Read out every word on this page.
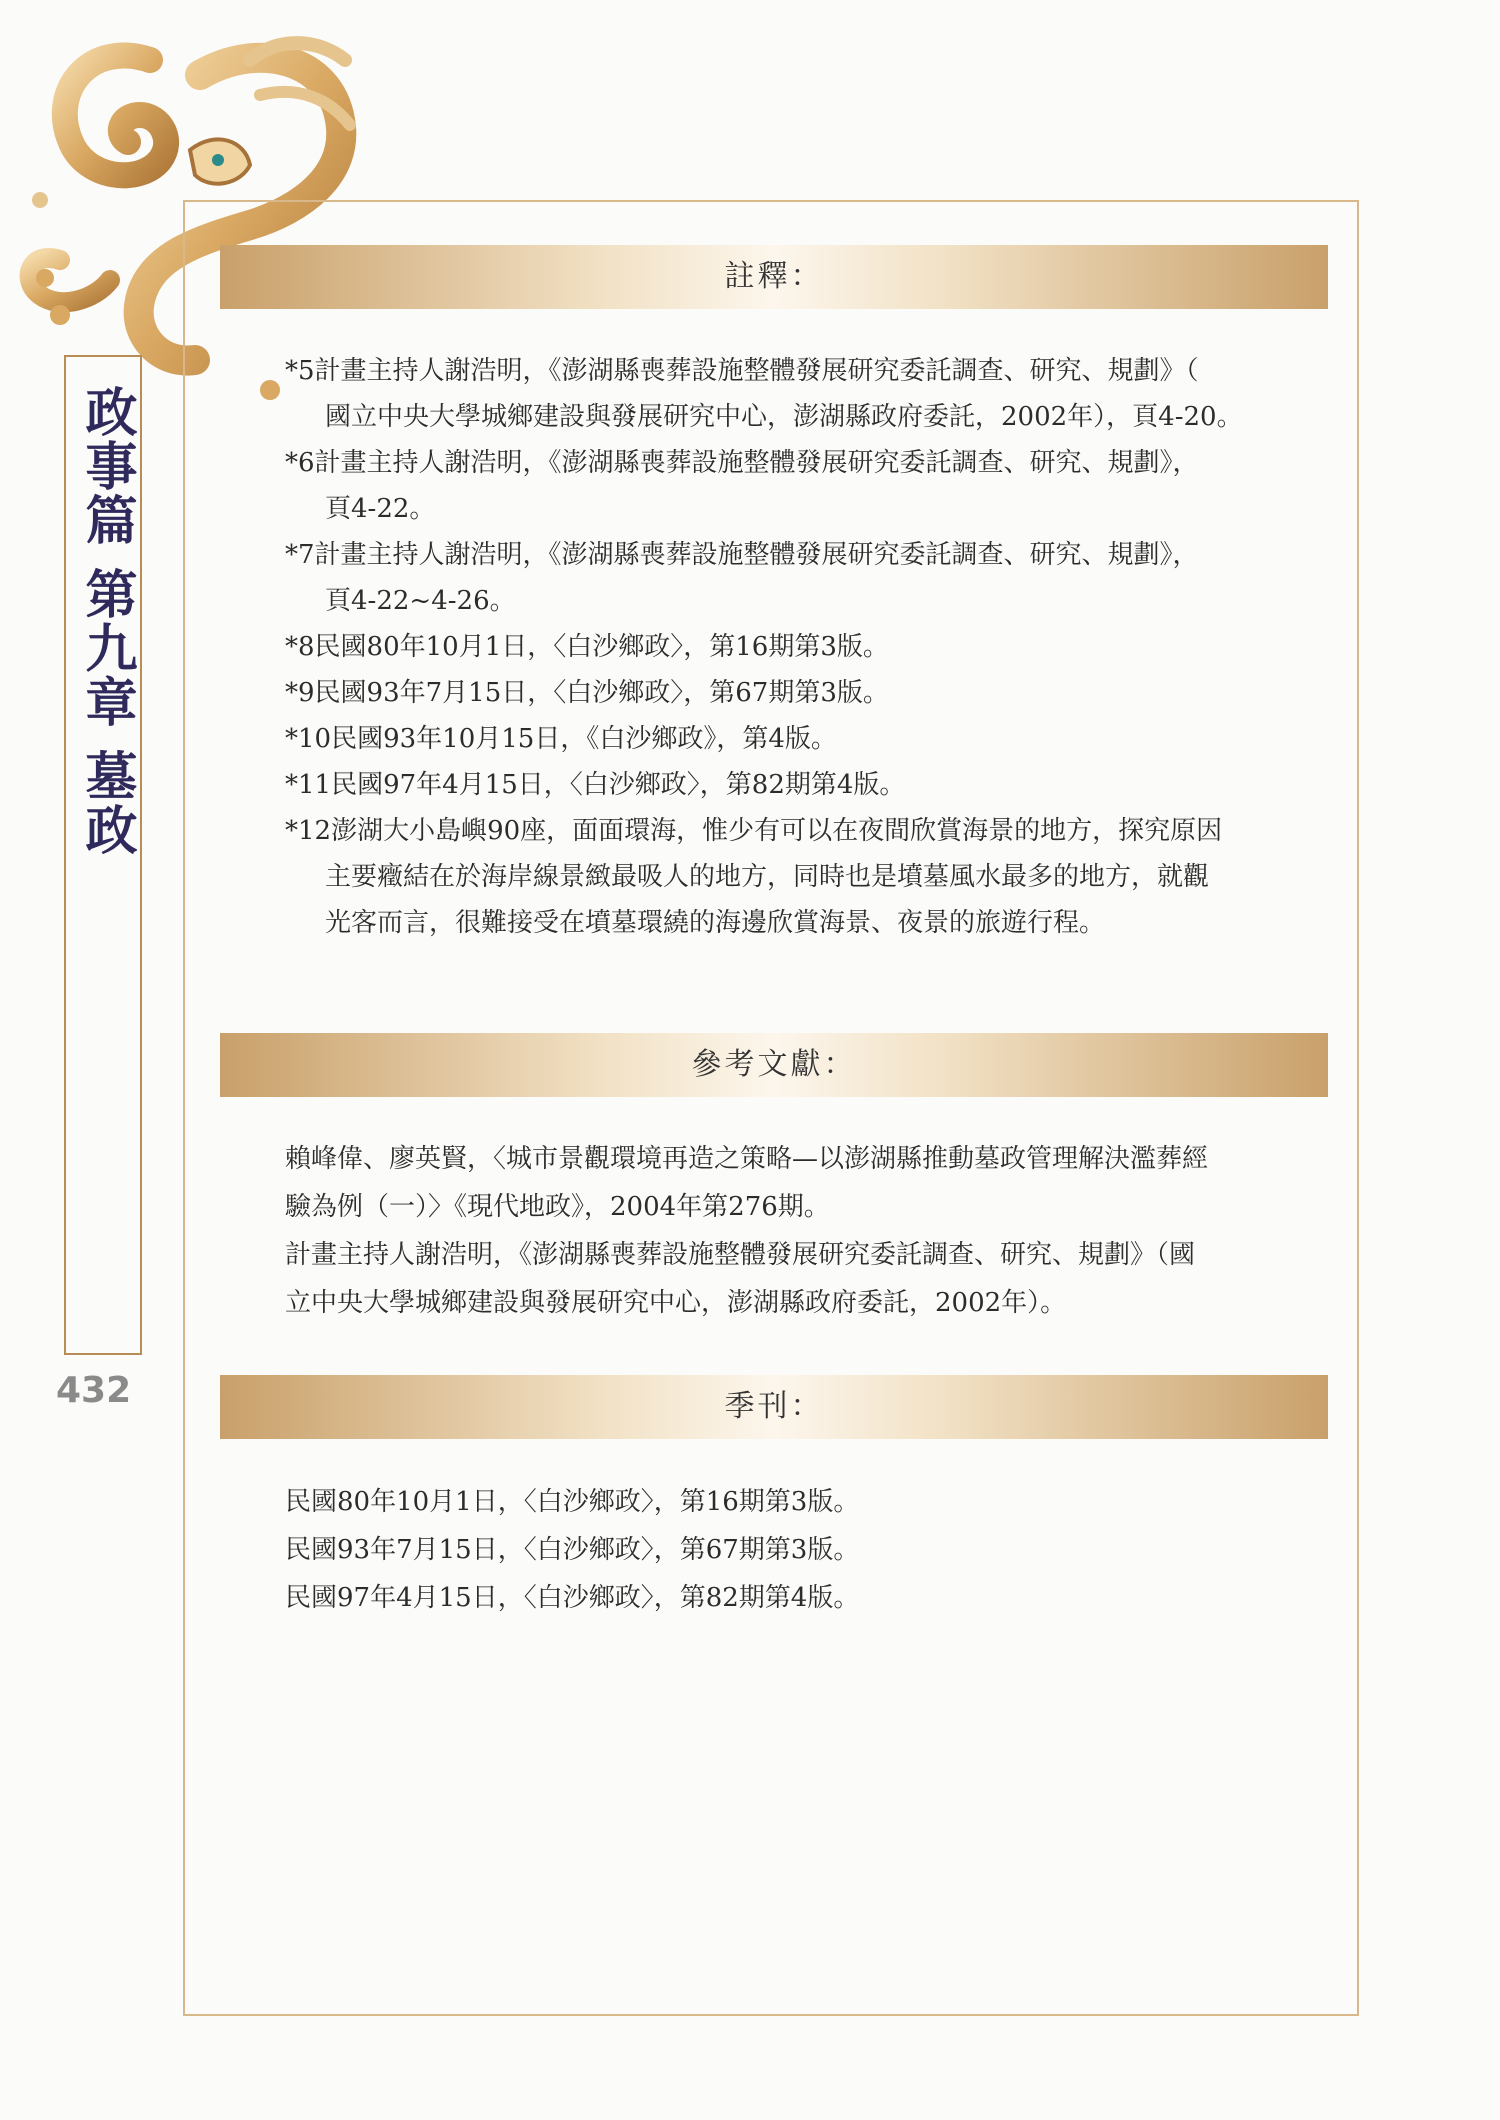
政事篇 第九章 墓政
432
註釋：
*5計畫主持人謝浩明，《澎湖縣喪葬設施整體發展研究委託調查、研究、規劃》（
國立中央大學城鄉建設與發展研究中心，澎湖縣政府委託，2002年），頁4-20。
*6計畫主持人謝浩明，《澎湖縣喪葬設施整體發展研究委託調查、研究、規劃》，
頁4-22。
*7計畫主持人謝浩明，《澎湖縣喪葬設施整體發展研究委託調查、研究、規劃》，
頁4-22~4-26。
*8民國80年10月1日，〈白沙鄉政〉，第16期第3版。
*9民國93年7月15日，〈白沙鄉政〉，第67期第3版。
*10民國93年10月15日，《白沙鄉政》，第4版。
*11民國97年4月15日，〈白沙鄉政〉，第82期第4版。
*12澎湖大小島嶼90座，面面環海，惟少有可以在夜間欣賞海景的地方，探究原因
主要癥結在於海岸線景緻最吸人的地方，同時也是墳墓風水最多的地方，就觀
光客而言，很難接受在墳墓環繞的海邊欣賞海景、夜景的旅遊行程。
參考文獻：
賴峰偉、廖英賢，〈城市景觀環境再造之策略—以澎湖縣推動墓政管理解決濫葬經
驗為例（一）〉《現代地政》，2004年第276期。
計畫主持人謝浩明，《澎湖縣喪葬設施整體發展研究委託調查、研究、規劃》（國
立中央大學城鄉建設與發展研究中心，澎湖縣政府委託，2002年）。
季刊：
民國80年10月1日，〈白沙鄉政〉，第16期第3版。
民國93年7月15日，〈白沙鄉政〉，第67期第3版。
民國97年4月15日，〈白沙鄉政〉，第82期第4版。
